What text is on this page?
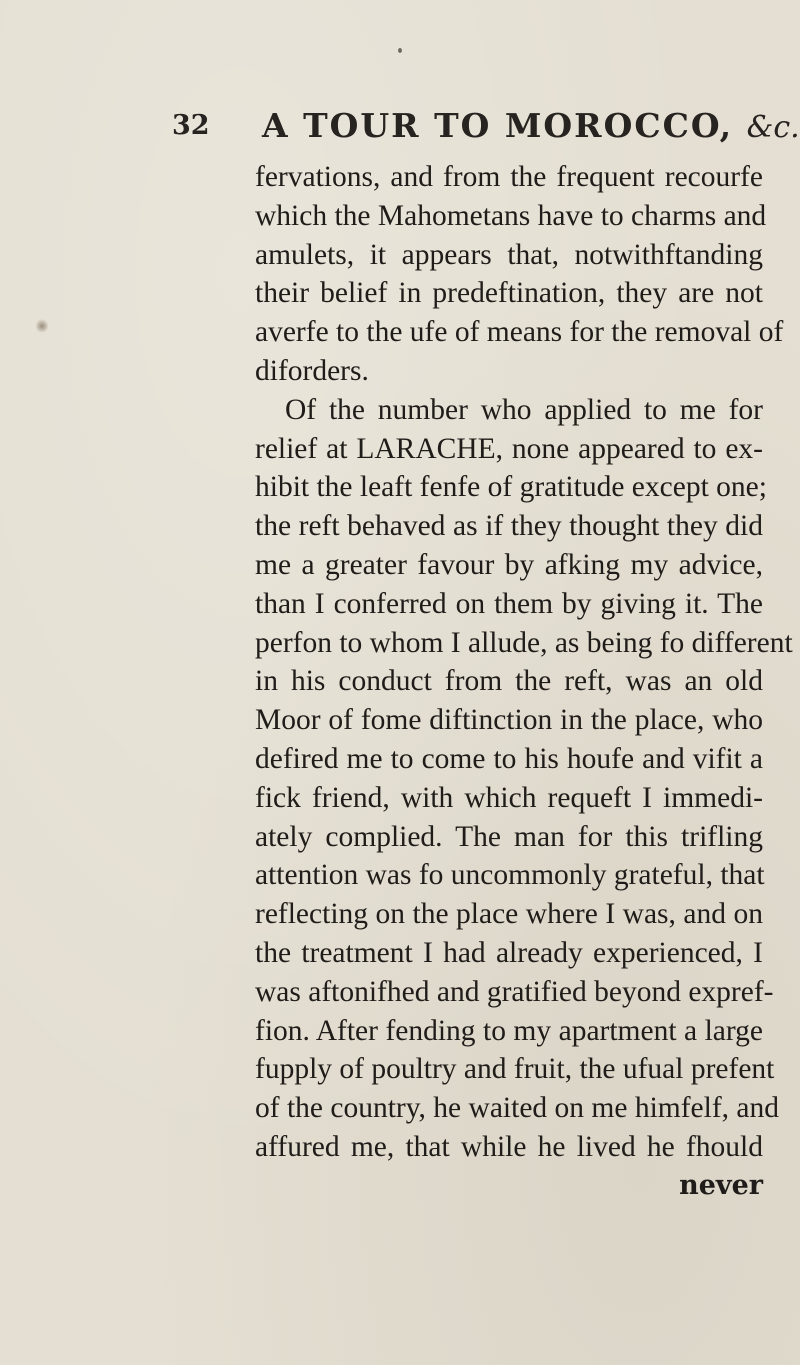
32 A TOUR TO MOROCCO, &c.
fervations, and from the frequent recourfe
which the Mahometans have to charms and
amulets, it appears that, notwithftanding
their belief in predeftination, they are not
averfe to the ufe of means for the removal of
diforders.
Of the number who applied to me for
relief at LARACHE, none appeared to ex-
hibit the leaft fenfe of gratitude except one;
the reft behaved as if they thought they did
me a greater favour by afking my advice,
than I conferred on them by giving it. The
perfon to whom I allude, as being fo different
in his conduct from the reft, was an old
Moor of fome diftinction in the place, who
defired me to come to his houfe and vifit a
fick friend, with which requeft I immedi-
ately complied. The man for this trifling
attention was fo uncommonly grateful, that
reflecting on the place where I was, and on
the treatment I had already experienced, I
was aftonifhed and gratified beyond expref-
fion. After fending to my apartment a large
fupply of poultry and fruit, the ufual prefent
of the country, he waited on me himfelf, and
affured me, that while he lived he fhould
never
